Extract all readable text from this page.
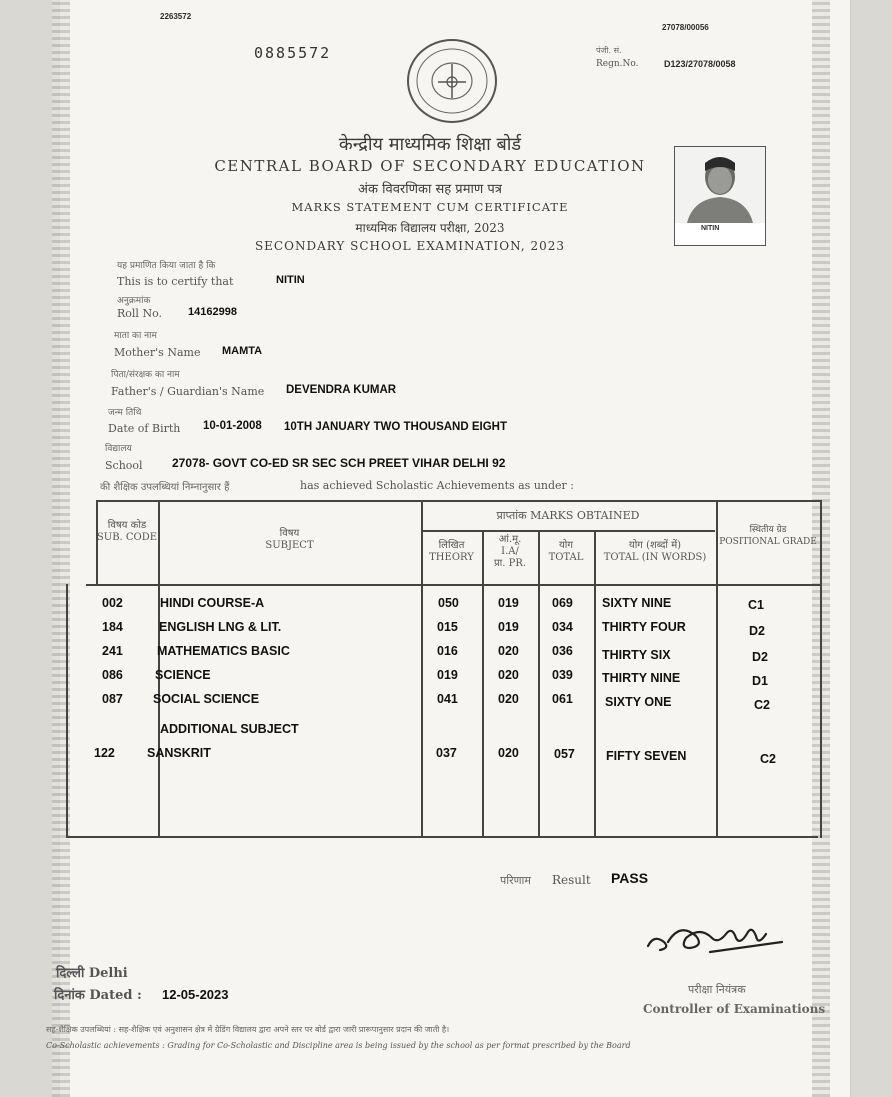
2263572
27078/00056
0885572	पंजी. सं.
Regn.No.	D123/27078/0058
केन्द्रीय माध्यमिक शिक्षा बोर्ड
CENTRAL BOARD OF SECONDARY EDUCATION
अंक विवरणिका सह प्रमाण पत्र
MARKS STATEMENT CUM CERTIFICATE
माध्यमिक विद्यालय परीक्षा, 2023
SECONDARY SCHOOL EXAMINATION, 2023
NITIN
यह प्रमाणित किया जाता है कि
This is to certify that	NITIN
अनुक्रमांक
Roll No. 14162998
माता का नाम
Mother's Name MAMTA
पिता/संरक्षक का नाम
Father's / Guardian's Name DEVENDRA KUMAR
जन्म तिथि
Date of Birth 10-01-2008 10TH JANUARY TWO THOUSAND EIGHT
विद्यालय
School 27078- GOVT CO-ED SR SEC SCH PREET VIHAR DELHI 92
की शैक्षिक उपलब्धियां निम्नानुसार हैं	has achieved Scholastic Achievements as under :
विषय कोड
SUB. CODE	विषय
SUBJECT
प्राप्तांक MARKS OBTAINED
लिखित
THEORY
आं.मू.
I.A/
प्रा. PR.
योग
TOTAL
योग (शब्दों में)
TOTAL (IN WORDS)
स्थितीय ग्रेड
POSITIONAL GRADE
002	HINDI COURSE-A	050	019	069 SIXTY NINE	C1
184	ENGLISH LNG & LIT.	015	019	034 THIRTY FOUR	D2
241	MATHEMATICS BASIC	016	020	036 THIRTY SIX	D2
086	SCIENCE	019	020	039 THIRTY NINE	D1
087 SOCIAL SCIENCE	041	020	061	SIXTY ONE	C2
ADDITIONAL SUBJECT
122	SANSKRIT	037	020	057 FIFTY SEVEN	C2
परिणाम Result PASS
दिल्ली Delhi
दिनांक Dated : 12-05-2023	परीक्षा नियंत्रक
Controller of Examinations
सह-शैक्षिक उपलब्धियां : सह-शैक्षिक एवं अनुशासन क्षेत्र में ग्रेडिंग विद्यालय द्वारा अपने स्तर पर बोर्ड द्वारा जारी प्रारूपानुसार प्रदान की जाती है।
Co-Scholastic achievements : Grading for Co-Scholastic and Discipline area is being issued by the school as per format prescribed by the Board
